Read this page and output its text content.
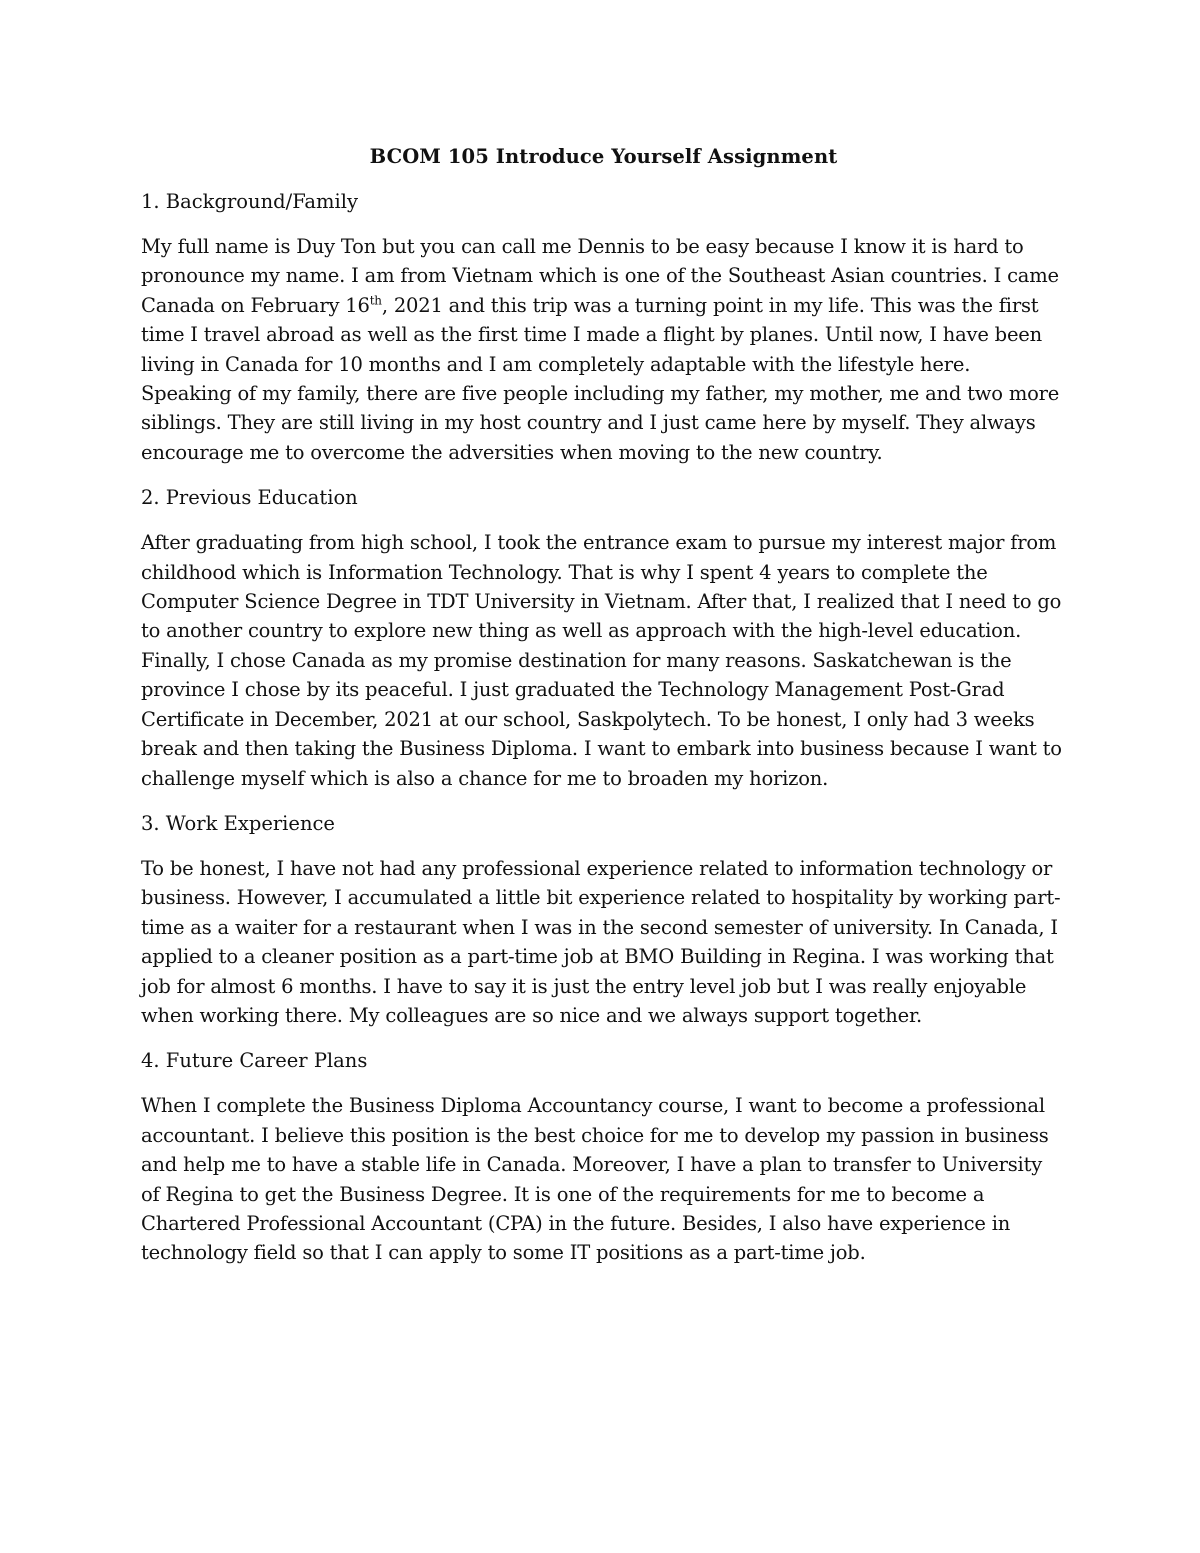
BCOM 105 Introduce Yourself Assignment
1. Background/Family

My full name is Duy Ton but you can call me Dennis to be easy because I know it is hard to pronounce my name. I am from Vietnam which is one of the Southeast Asian countries. I came Canada on February 16th, 2021 and this trip was a turning point in my life. This was the first time I travel abroad as well as the first time I made a flight by planes. Until now, I have been living in Canada for 10 months and I am completely adaptable with the lifestyle here. Speaking of my family, there are five people including my father, my mother, me and two more siblings. They are still living in my host country and I just came here by myself. They always encourage me to overcome the adversities when moving to the new country.

2. Previous Education

After graduating from high school, I took the entrance exam to pursue my interest major from childhood which is Information Technology. That is why I spent 4 years to complete the Computer Science Degree in TDT University in Vietnam. After that, I realized that I need to go to another country to explore new thing as well as approach with the high-level education. Finally, I chose Canada as my promise destination for many reasons. Saskatchewan is the province I chose by its peaceful. I just graduated the Technology Management Post-Grad Certificate in December, 2021 at our school, Saskpolytech. To be honest, I only had 3 weeks break and then taking the Business Diploma. I want to embark into business because I want to challenge myself which is also a chance for me to broaden my horizon.

3. Work Experience

To be honest, I have not had any professional experience related to information technology or business. However, I accumulated a little bit experience related to hospitality by working part-time as a waiter for a restaurant when I was in the second semester of university. In Canada, I applied to a cleaner position as a part-time job at BMO Building in Regina. I was working that job for almost 6 months. I have to say it is just the entry level job but I was really enjoyable when working there. My colleagues are so nice and we always support together.

4. Future Career Plans

When I complete the Business Diploma Accountancy course, I want to become a professional accountant. I believe this position is the best choice for me to develop my passion in business and help me to have a stable life in Canada. Moreover, I have a plan to transfer to University of Regina to get the Business Degree. It is one of the requirements for me to become a Chartered Professional Accountant (CPA) in the future. Besides, I also have experience in technology field so that I can apply to some IT positions as a part-time job.
